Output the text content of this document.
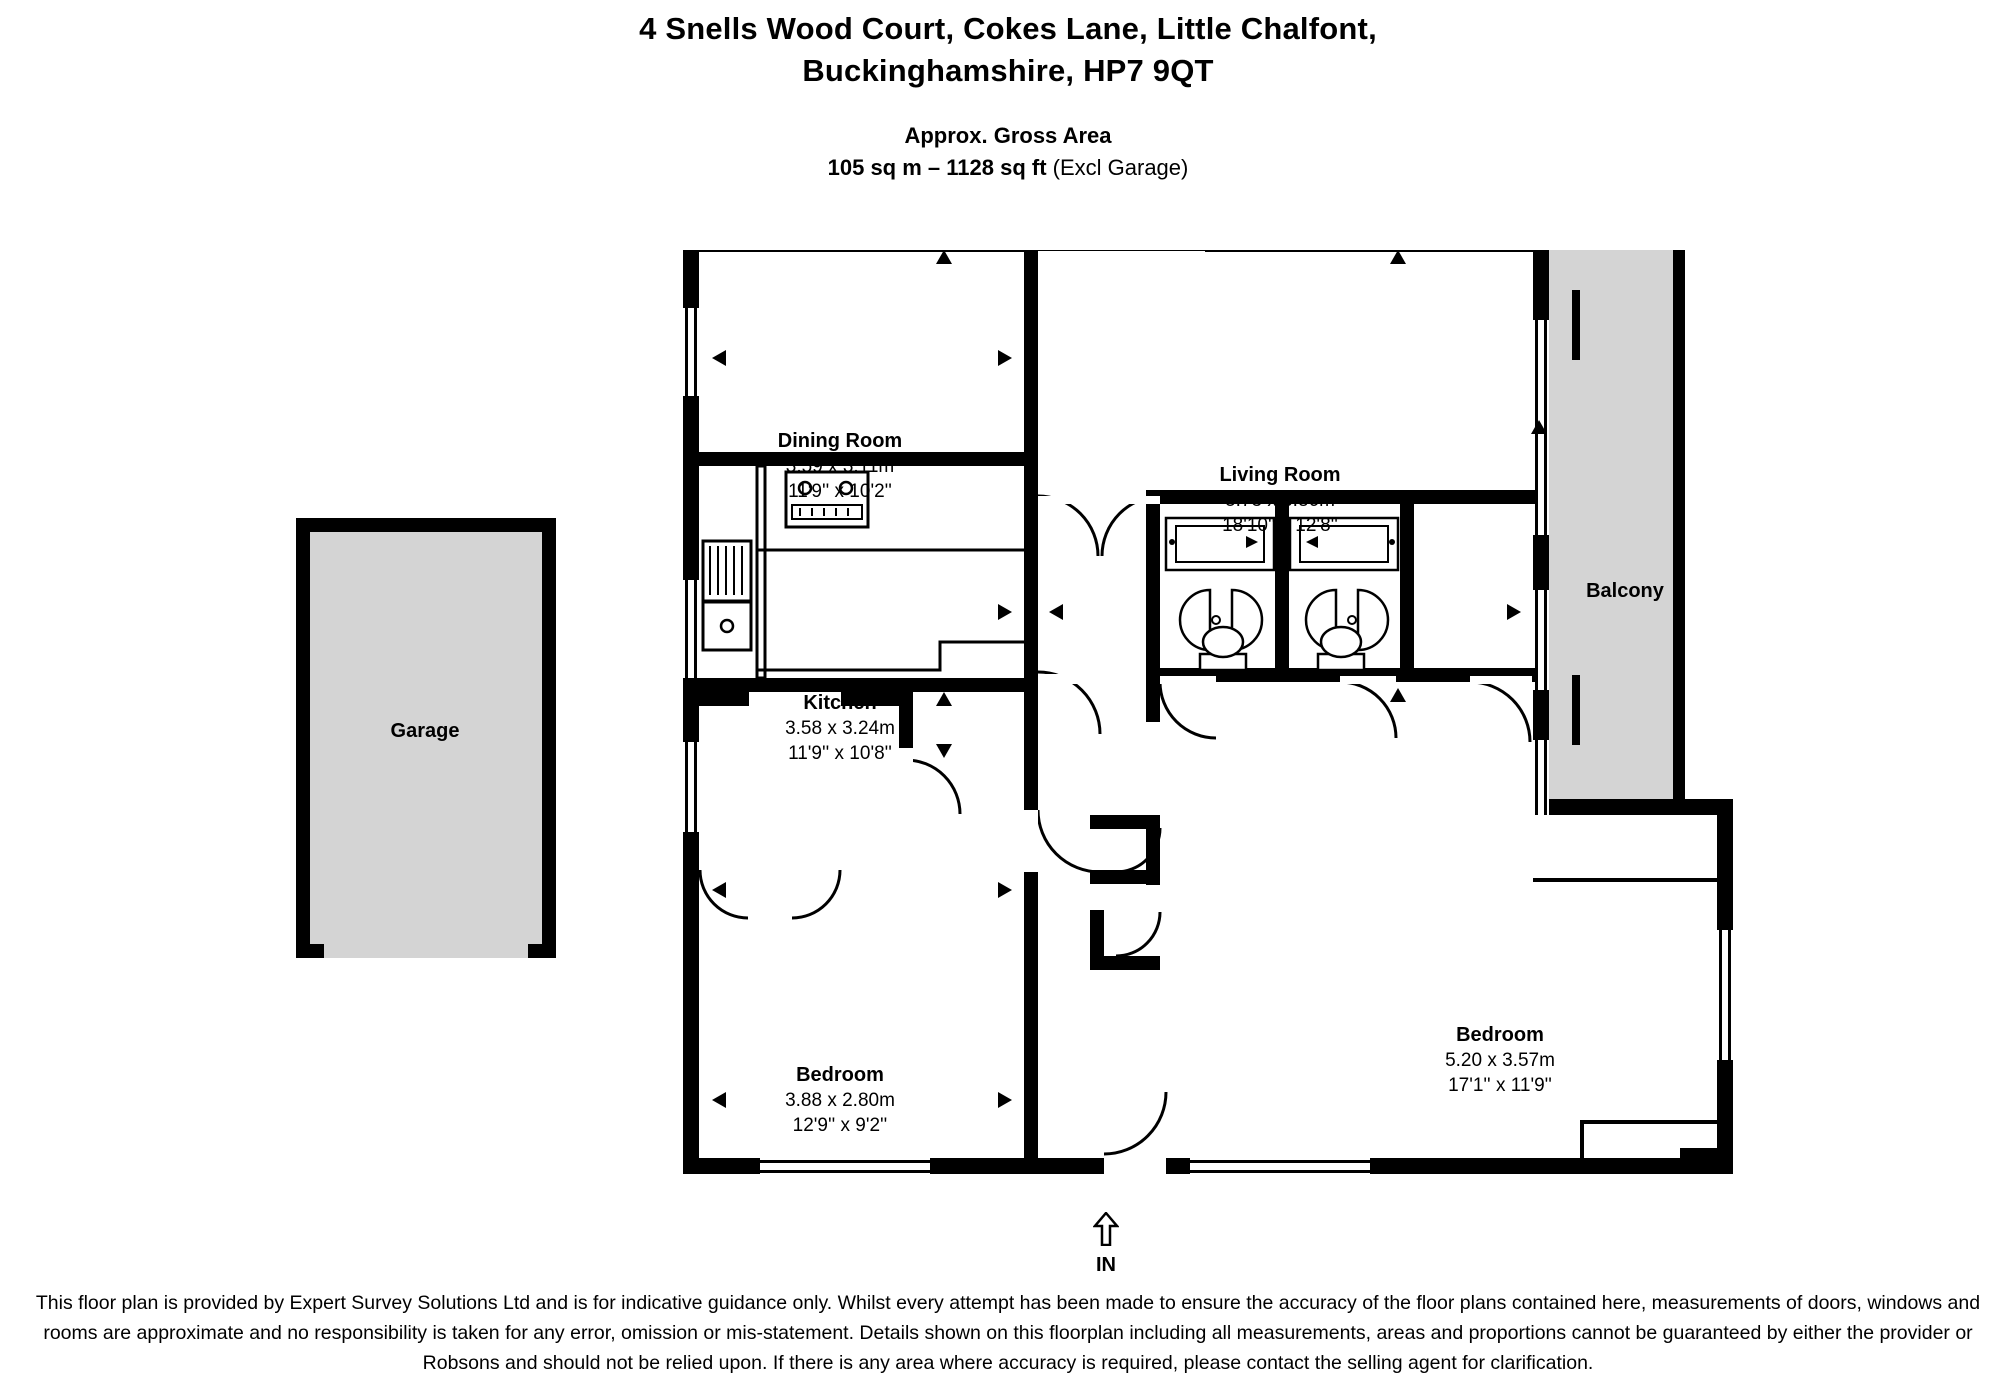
4 Snells Wood Court, Cokes Lane, Little Chalfont,
Buckinghamshire, HP7 9QT
Approx. Gross Area
105 sq m – 1128 sq ft (Excl Garage)
Dining Room
3.59 x 3.11m
11'9'' x 10'2''
Living Room
5.73 x 3.86m
18'10'' x 12'8''
Kitchen
3.58 x 3.24m
11'9'' x 10'8''
Bedroom
3.88 x 2.80m
12'9'' x 9'2''
Bedroom
5.20 x 3.57m
17'1'' x 11'9''
Garage
Balcony
IN
This floor plan is provided by Expert Survey Solutions Ltd and is for indicative guidance only. Whilst every attempt has been made to ensure the accuracy of the floor plans contained here, measurements of doors, windows and rooms are approximate and no responsibility is taken for any error, omission or mis-statement. Details shown on this floorplan including all measurements, areas and proportions cannot be guaranteed by either the provider or Robsons and should not be relied upon. If there is any area where accuracy is required, please contact the selling agent for clarification.
